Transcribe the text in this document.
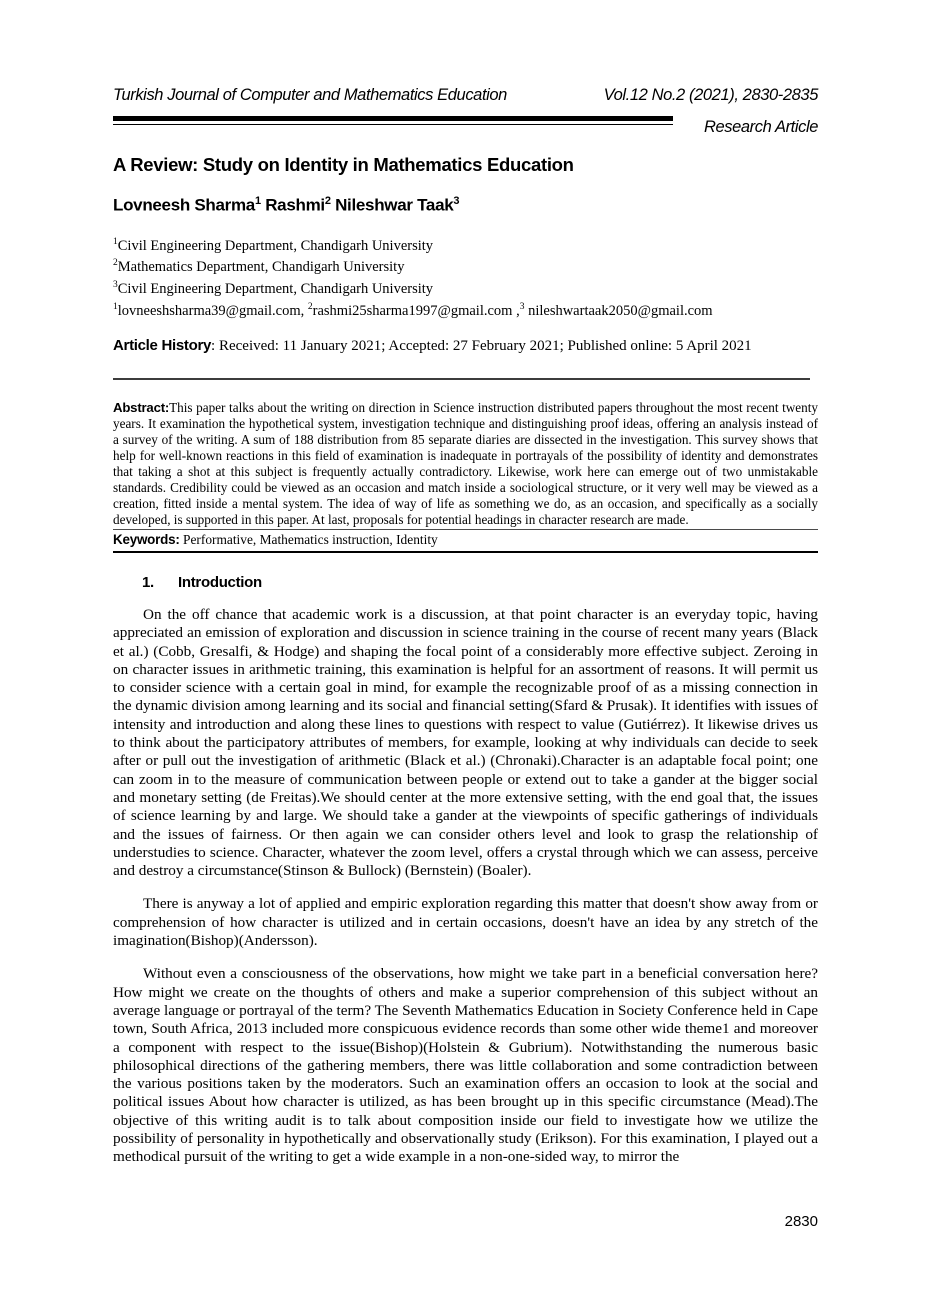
Turkish Journal of Computer and Mathematics Education	Vol.12 No.2 (2021), 2830-2835
Research Article
A Review: Study on Identity in Mathematics Education
Lovneesh Sharma$^1$ Rashmi$^2$ Nileshwar Taak$^3$
$^1$Civil Engineering Department, Chandigarh University
$^2$Mathematics Department, Chandigarh University
$^3$Civil Engineering Department, Chandigarh University
$^1$lovneeshsharma39@gmail.com, $^2$rashmi25sharma1997@gmail.com ,$^3$ nileshwartaak2050@gmail.com
Article History: Received: 11 January 2021; Accepted: 27 February 2021; Published online: 5 April 2021
Abstract:This paper talks about the writing on direction in Science instruction distributed papers throughout the most recent twenty years. It examination the hypothetical system, investigation technique and distinguishing proof ideas, offering an analysis instead of a survey of the writing. A sum of 188 distribution from 85 separate diaries are dissected in the investigation. This survey shows that help for well-known reactions in this field of examination is inadequate in portrayals of the possibility of identity and demonstrates that taking a shot at this subject is frequently actually contradictory. Likewise, work here can emerge out of two unmistakable standards. Credibility could be viewed as an occasion and match inside a sociological structure, or it very well may be viewed as a creation, fitted inside a mental system. The idea of way of life as something we do, as an occasion, and specifically as a socially developed, is supported in this paper. At last, proposals for potential headings in character research are made.
Keywords: Performative, Mathematics instruction, Identity
1. Introduction
On the off chance that academic work is a discussion, at that point character is an everyday topic, having appreciated an emission of exploration and discussion in science training in the course of recent many years (Black et al.) (Cobb, Gresalfi, & Hodge) and shaping the focal point of a considerably more effective subject. Zeroing in on character issues in arithmetic training, this examination is helpful for an assortment of reasons. It will permit us to consider science with a certain goal in mind, for example the recognizable proof of as a missing connection in the dynamic division among learning and its social and financial setting(Sfard & Prusak). It identifies with issues of intensity and introduction and along these lines to questions with respect to value (Gutiérrez). It likewise drives us to think about the participatory attributes of members, for example, looking at why individuals can decide to seek after or pull out the investigation of arithmetic (Black et al.) (Chronaki).Character is an adaptable focal point; one can zoom in to the measure of communication between people or extend out to take a gander at the bigger social and monetary setting (de Freitas).We should center at the more extensive setting, with the end goal that, the issues of science learning by and large. We should take a gander at the viewpoints of specific gatherings of individuals and the issues of fairness. Or then again we can consider others level and look to grasp the relationship of understudies to science. Character, whatever the zoom level, offers a crystal through which we can assess, perceive and destroy a circumstance(Stinson & Bullock) (Bernstein) (Boaler).
There is anyway a lot of applied and empiric exploration regarding this matter that doesn't show away from or comprehension of how character is utilized and in certain occasions, doesn't have an idea by any stretch of the imagination(Bishop)(Andersson).
Without even a consciousness of the observations, how might we take part in a beneficial conversation here? How might we create on the thoughts of others and make a superior comprehension of this subject without an average language or portrayal of the term? The Seventh Mathematics Education in Society Conference held in Cape town, South Africa, 2013 included more conspicuous evidence records than some other wide theme1 and moreover a component with respect to the issue(Bishop)(Holstein & Gubrium). Notwithstanding the numerous basic philosophical directions of the gathering members, there was little collaboration and some contradiction between the various positions taken by the moderators. Such an examination offers an occasion to look at the social and political issues About how character is utilized, as has been brought up in this specific circumstance (Mead).The objective of this writing audit is to talk about composition inside our field to investigate how we utilize the possibility of personality in hypothetically and observationally study (Erikson). For this examination, I played out a methodical pursuit of the writing to get a wide example in a non-one-sided way, to mirror the
2830
